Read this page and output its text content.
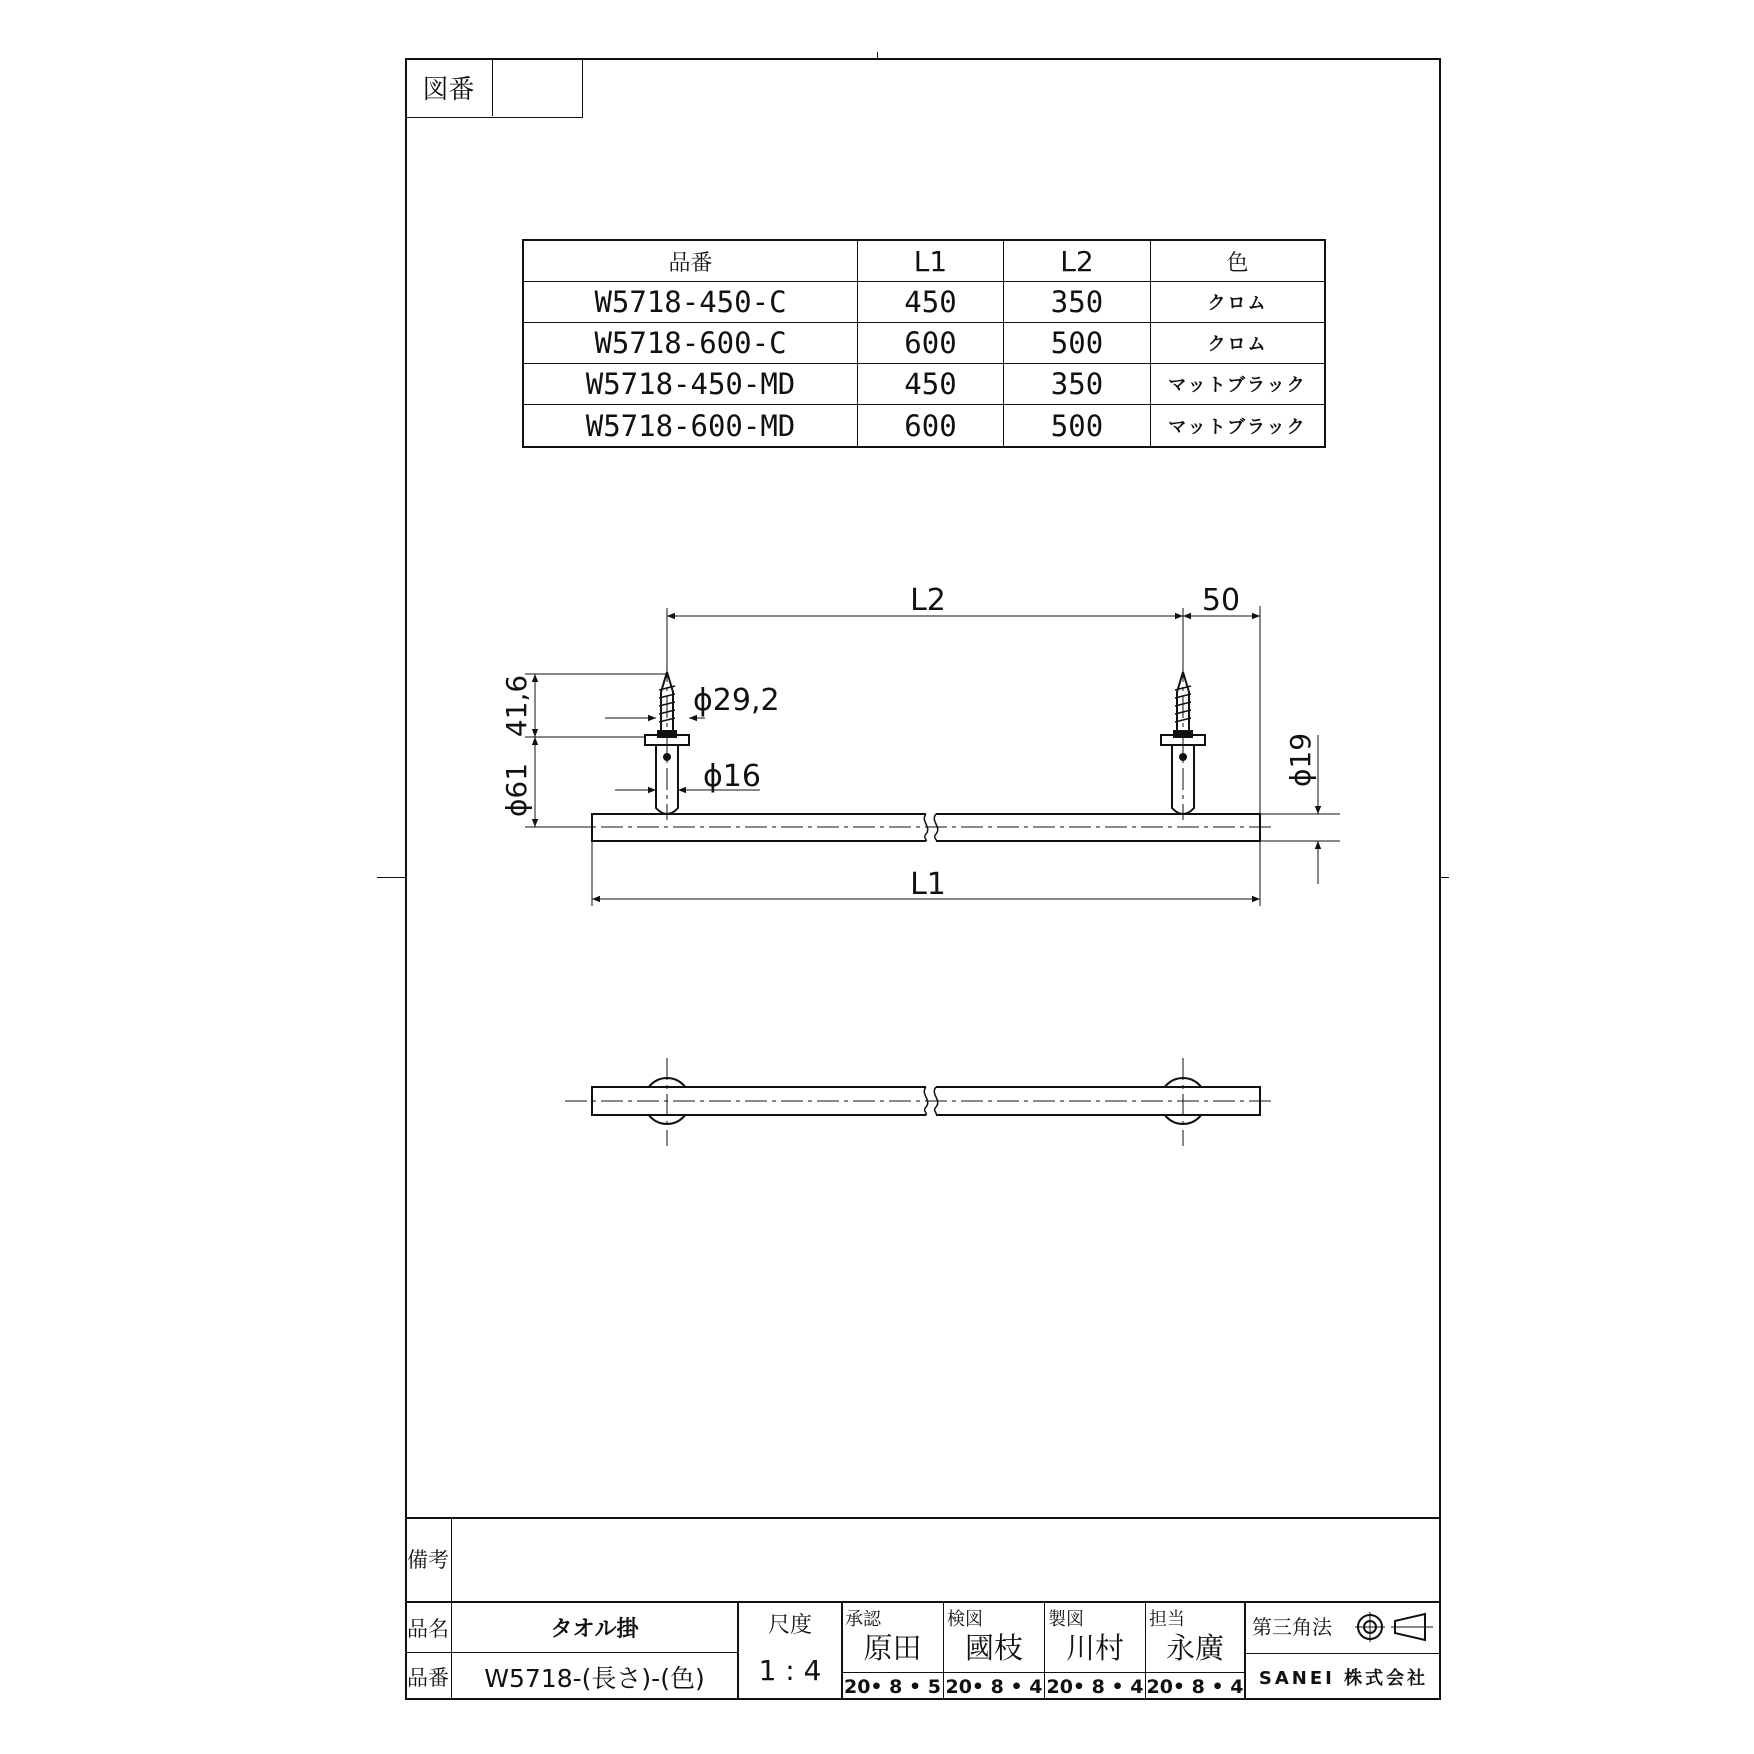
図番
品番	L1	L2	色
W5718-450-C	450	350	クロム
W5718-600-C	600	500	クロム
W5718-450-MD	450	350	マットブラック
W5718-600-MD	600	500	マットブラック
L2	50
ϕ29,2
ϕ16
L1
41,6
ϕ61
ϕ19
備考
品名	タオル掛
品番	W5718-(長さ)-(色)
尺度
1 : 4
承認
原田
20• 8 • 5
検図
國枝
20• 8 • 4
製図
川村
20• 8 • 4
担当
永廣
20• 8 • 4
第三角法
SANEI 株式会社
